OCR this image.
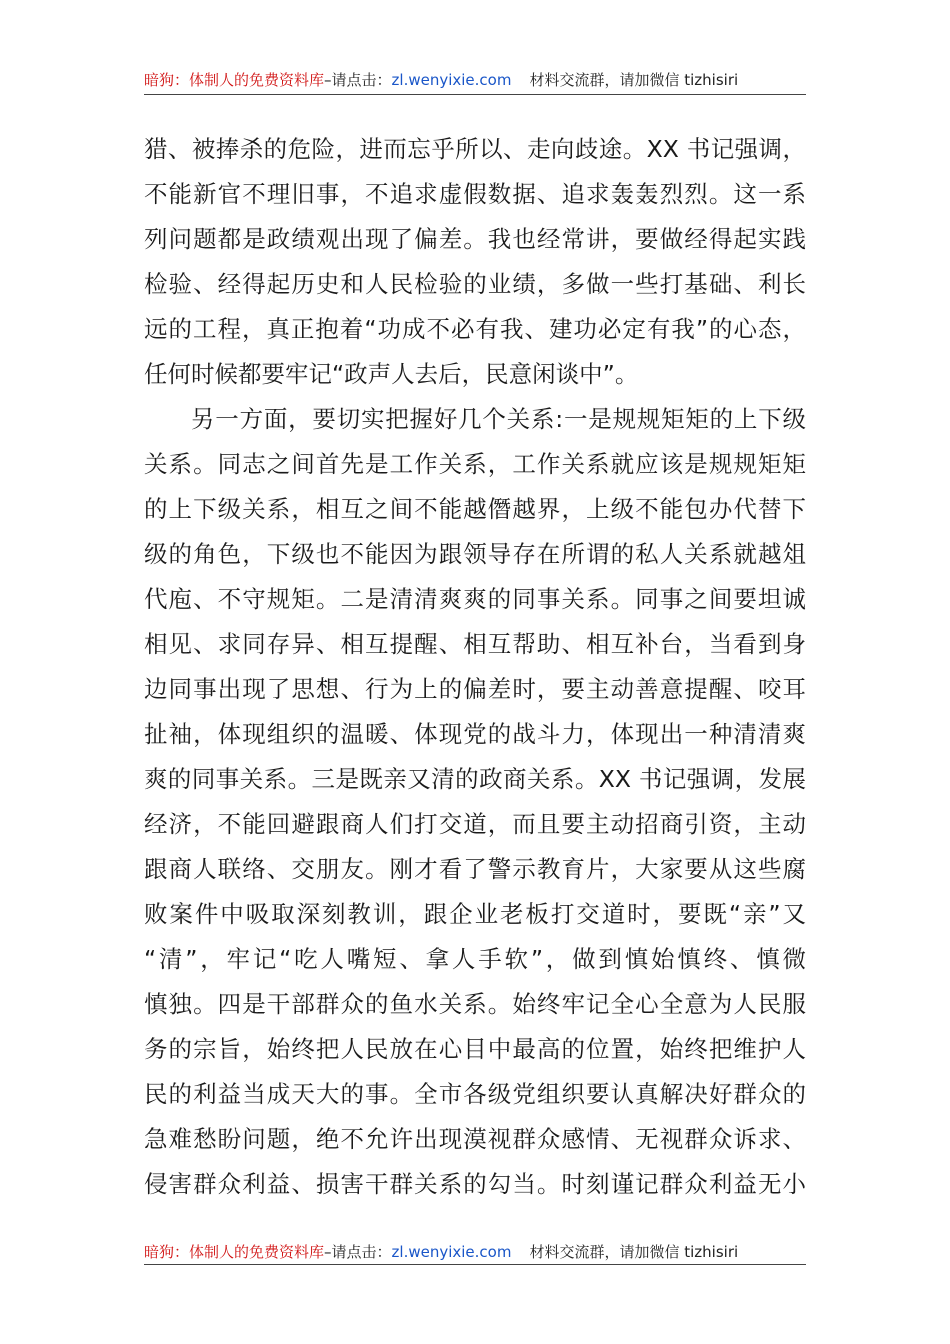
暗狗：体制人的免费资料库–请点击：zl.wenyixie.com 材料交流群，请加微信 tizhisiri
猎、被捧杀的危险，进而忘乎所以、走向歧途。XX 书记强调，
不能新官不理旧事，不追求虚假数据、追求轰轰烈烈。这一系
列问题都是政绩观出现了偏差。我也经常讲，要做经得起实践
检验、经得起历史和人民检验的业绩，多做一些打基础、利长
远的工程，真正抱着“功成不必有我、建功必定有我”的心态，
任何时候都要牢记“政声人去后，民意闲谈中”。
另一方面，要切实把握好几个关系:一是规规矩矩的上下级
关系。同志之间首先是工作关系，工作关系就应该是规规矩矩
的上下级关系，相互之间不能越僭越界，上级不能包办代替下
级的角色，下级也不能因为跟领导存在所谓的私人关系就越俎
代庖、不守规矩。二是清清爽爽的同事关系。同事之间要坦诚
相见、求同存异、相互提醒、相互帮助、相互补台，当看到身
边同事出现了思想、行为上的偏差时，要主动善意提醒、咬耳
扯袖，体现组织的温暖、体现党的战斗力，体现出一种清清爽
爽的同事关系。三是既亲又清的政商关系。XX 书记强调，发展
经济，不能回避跟商人们打交道，而且要主动招商引资，主动
跟商人联络、交朋友。刚才看了警示教育片，大家要从这些腐
败案件中吸取深刻教训，跟企业老板打交道时，要既“亲”又
“清”，牢记“吃人嘴短、拿人手软”，做到慎始慎终、慎微
慎独。四是干部群众的鱼水关系。始终牢记全心全意为人民服
务的宗旨，始终把人民放在心目中最高的位置，始终把维护人
民的利益当成天大的事。全市各级党组织要认真解决好群众的
急难愁盼问题，绝不允许出现漠视群众感情、无视群众诉求、
侵害群众利益、损害干群关系的勾当。时刻谨记群众利益无小
暗狗：体制人的免费资料库–请点击：zl.wenyixie.com 材料交流群，请加微信 tizhisiri
